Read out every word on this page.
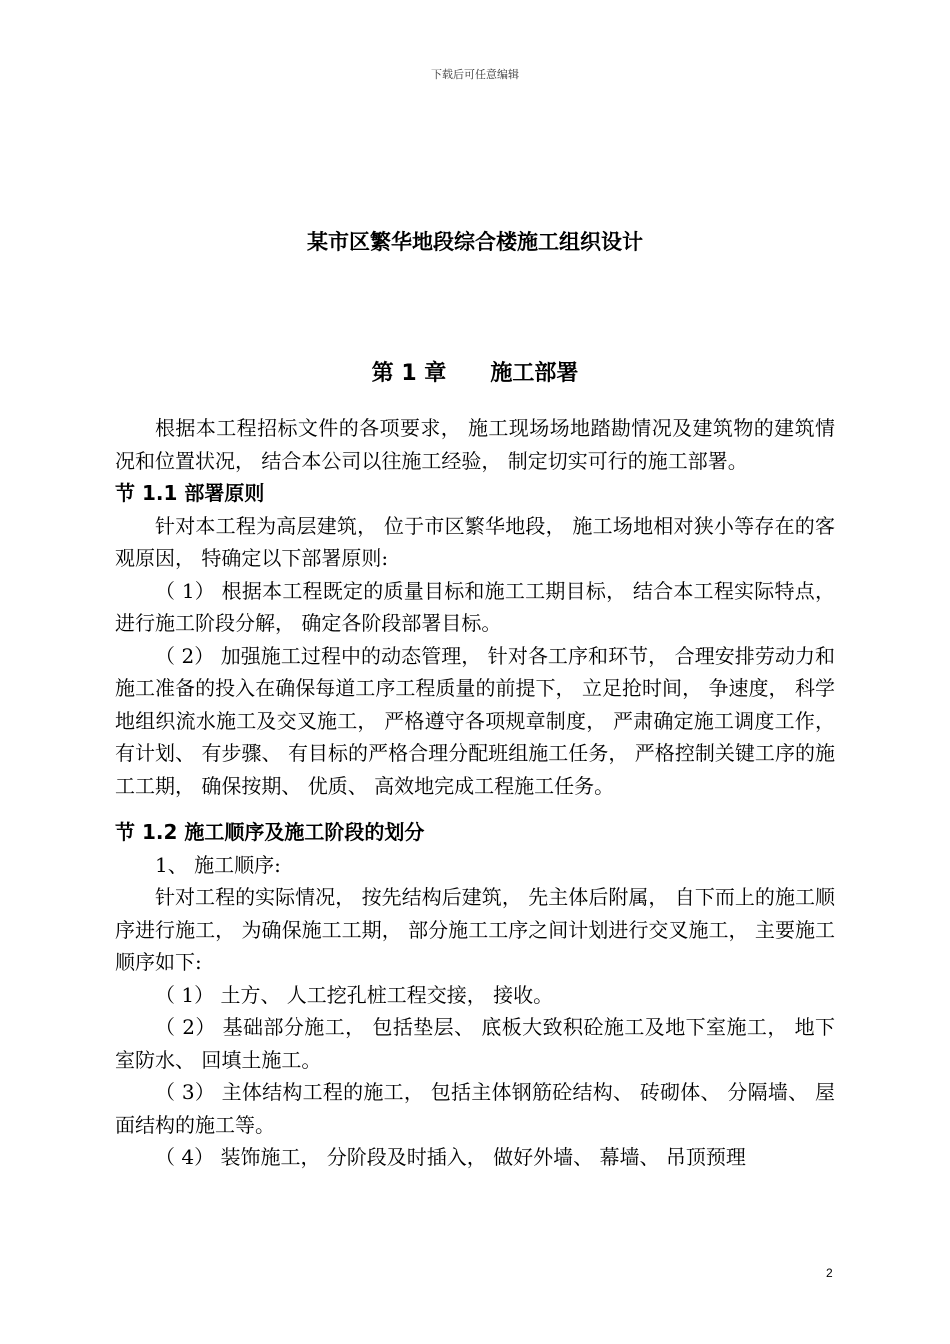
下载后可任意编辑
某市区繁华地段综合楼施工组织设计
第 1 章 施工部署

根据本工程招标文件的各项要求， 施工现场场地踏勘情况及建筑物的建筑情况和位置状况， 结合本公司以往施工经验， 制定切实可行的施工部署。

节 1.1 部署原则

针对本工程为高层建筑， 位于市区繁华地段， 施工场地相对狭小等存在的客观原因， 特确定以下部署原则:

（ 1） 根据本工程既定的质量目标和施工工期目标， 结合本工程实际特点， 进行施工阶段分解， 确定各阶段部署目标。

（ 2） 加强施工过程中的动态管理， 针对各工序和环节， 合理安排劳动力和施工准备的投入在确保每道工序工程质量的前提下， 立足抢时间， 争速度， 科学地组织流水施工及交叉施工， 严格遵守各项规章制度， 严肃确定施工调度工作， 有计划、 有步骤、 有目标的严格合理分配班组施工任务， 严格控制关键工序的施工工期， 确保按期、 优质、 高效地完成工程施工任务。

节 1.2 施工顺序及施工阶段的划分

1、 施工顺序:

针对工程的实际情况， 按先结构后建筑， 先主体后附属， 自下而上的施工顺序进行施工， 为确保施工工期， 部分施工工序之间计划进行交叉施工， 主要施工顺序如下:

（ 1） 土方、 人工挖孔桩工程交接， 接收。

（ 2） 基础部分施工， 包括垫层、 底板大致积砼施工及地下室施工， 地下室防水、 回填土施工。

（ 3） 主体结构工程的施工， 包括主体钢筋砼结构、 砖砌体、 分隔墙、 屋面结构的施工等。

（ 4） 装饰施工， 分阶段及时插入， 做好外墙、 幕墙、 吊顶预理

2
